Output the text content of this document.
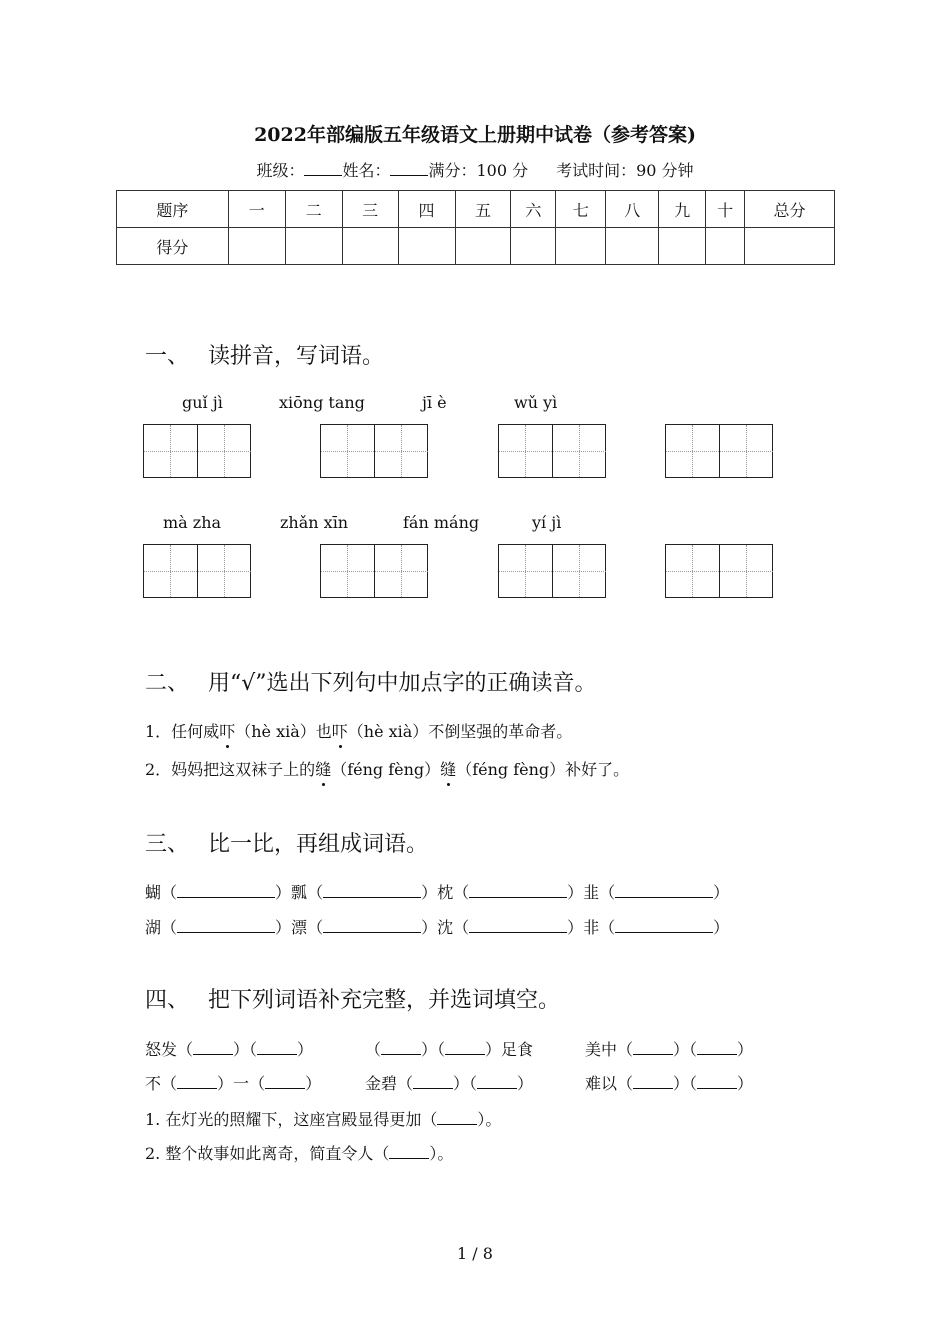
2022年部编版五年级语文上册期中试卷（参考答案)
班级： 姓名： 满分：100 分 考试时间：90 分钟
题序	一	二	三	四	五	六	七	八	九	十	总分
得分											
一、 读拼音，写词语。
guǐ jì	xiōng tang	jī è	wǔ yì
mà zha	zhǎn xīn	fán máng	yí jì
二、 用“√”选出下列句中加点字的正确读音。
1．任何威吓（hè xià）也吓（hè xià）不倒坚强的革命者。
2．妈妈把这双袜子上的缝（féng fèng）缝（féng fèng）补好了。
三、 比一比，再组成词语。
蝴（	）瓢（	）枕（	）韭（	）
湖（	）漂（	）沈（	）非（	）
四、 把下列词语补充完整，并选词填空。
怒发（	）（	）	（	）（	）足食	美中（	）（	）
不（	）一（	）	金碧（	）（	）	难以（	）（	）
1. 在灯光的照耀下，这座宫殿显得更加（	）。
2. 整个故事如此离奇，简直令人（	）。
1 / 8
